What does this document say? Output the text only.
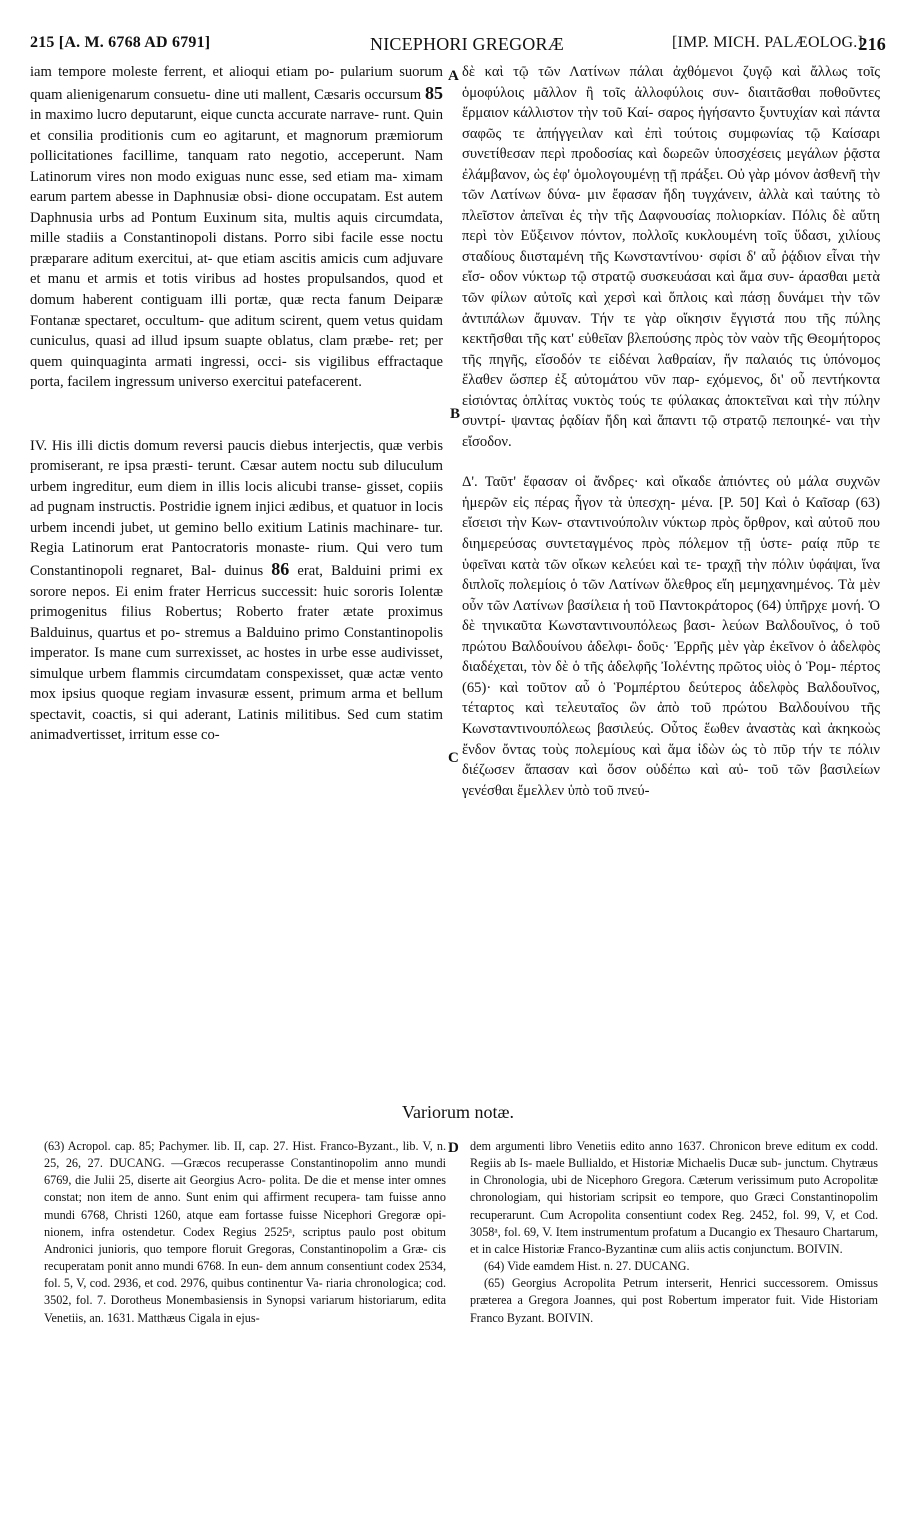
215 [A. M. 6768 AD 6791]	NICEPHORI GREGORÆ	[IMP. MICH. PALÆOLOG.]
216

iam tempore moleste ferrent, et alioqui etiam po- pularium suorum quam alienigenarum consuetu- dine uti mallent, Cæsaris occursum 85 in maximo lucro deputarunt, eique cuncta accurate narrave- runt. Quin et consilia proditionis cum eo agitarunt, et magnorum præmiorum pollicitationes facillime, tanquam rato negotio, acceperunt. Nam Latinorum vires non modo exiguas nunc esse, sed etiam ma- ximam earum partem abesse in Daphnusiæ obsi- dione occupatam. Est autem Daphnusia urbs ad Pontum Euxinum sita, multis aquis circumdata, mille stadiis a Constantinopoli distans. Porro sibi facile esse noctu præparare aditum exercitui, at- que etiam ascitis amicis cum adjuvare et manu et armis et totis viribus ad hostes propulsandos, quod et domum haberent contiguam illi portæ, quæ recta fanum Deiparæ Fontanæ spectaret, occultum- que aditum scirent, quem vetus quidam cuniculus, quasi ad illud ipsum suapte oblatus, clam præbe- ret; per quem quinquaginta armati ingressi, occi- sis vigilibus effractaque porta, facilem ingressum universo exercitui patefacerent.

IV. His illi dictis domum reversi paucis diebus interjectis, quæ verbis promiserant, re ipsa præsti- terunt. Cæsar autem noctu sub diluculum urbem ingreditur, eum diem in illis locis alicubi transe- gisset, copiis ad pugnam instructis. Postridie ignem injici ædibus, et quatuor in locis urbem incendi jubet, ut gemino bello exitium Latinis machinare- tur. Regia Latinorum erat Pantocratoris monaste- rium. Qui vero tum Constantinopoli regnaret, Bal- duinus 86 erat, Balduini primi ex sorore nepos. Ei enim frater Herricus successit: huic sororis Iolentæ primogenitus filius Robertus; Roberto frater ætate proximus Balduinus, quartus et po- stremus a Balduino primo Constantinopolis imperator. Is mane cum surrexisset, ac hostes in urbe esse audivisset, simulque urbem flammis circumdatam conspexisset, quæ actæ vento mox ipsius quoque regiam invasuræ essent, primum arma et bellum spectavit, coactis, si qui aderant, Latinis militibus. Sed cum statim animadvertisset, irritum esse co-

A
B
C
D

δὲ καὶ τῷ τῶν Λατίνων πάλαι ἀχθόμενοι ζυγῷ καὶ ἄλλως τοῖς ὁμοφύλοις μᾶλλον ἢ τοῖς ἀλλοφύλοις συν- διαιτᾶσθαι ποθοῦντες ἕρμαιον κάλλιστον τὴν τοῦ Καί- σαρος ἡγήσαντο ξυντυχίαν καὶ πάντα σαφῶς τε ἀπήγγειλαν καὶ ἐπὶ τούτοις συμφωνίας τῷ Καίσαρι συνετίθεσαν περὶ προδοσίας καὶ δωρεῶν ὑποσχέσεις μεγάλων ῥᾷστα ἐλάμβανον, ὡς ἐφ' ὁμολογουμένῃ τῇ πράξει. Οὐ γὰρ μόνον ἀσθενῆ τὴν τῶν Λατίνων δύνα- μιν ἔφασαν ἤδη τυγχάνειν, ἀλλὰ καὶ ταύτης τὸ πλεῖστον ἀπεῖναι ἐς τὴν τῆς Δαφνουσίας πολιορκίαν. Πόλις δὲ αὕτη περὶ τὸν Εὔξεινον πόντον, πολλοῖς κυκλουμένη τοῖς ὕδασι, χιλίους σταδίους διισταμένη τῆς Κωνσταντίνου· σφίσι δ' αὖ ῥᾴδιον εἶναι τὴν εἴσ- οδον νύκτωρ τῷ στρατῷ συσκευάσαι καὶ ἅμα συν- άρασθαι μετὰ τῶν φίλων αὐτοῖς καὶ χερσὶ καὶ ὅπλοις καὶ πάσῃ δυνάμει τὴν τῶν ἀντιπάλων ἄμυναν. Τήν τε γὰρ οἴκησιν ἔγγιστά που τῆς πύλης κεκτῆσθαι τῆς κατ' εὐθεῖαν βλεπούσης πρὸς τὸν ναὸν τῆς Θεομήτορος τῆς πηγῆς, εἴσοδόν τε εἰδέναι λαθραίαν, ἥν παλαιός τις ὑπόνομος ἔλαθεν ὥσπερ ἐξ αὐτομάτου νῦν παρ- εχόμενος, δι' οὗ πεντήκοντα εἰσιόντας ὁπλίτας νυκτὸς τούς τε φύλακας ἀποκτεῖναι καὶ τὴν πύλην συντρί- ψαντας ῥᾳδίαν ἤδη καὶ ἅπαντι τῷ στρατῷ πεποιηκέ- ναι τὴν εἴσοδον.

Δ'. Ταῦτ' ἔφασαν οἱ ἄνδρες· καὶ οἴκαδε ἀπιόντες οὐ μάλα συχνῶν ἡμερῶν εἰς πέρας ἦγον τὰ ὑπεσχη- μένα. [P. 50] Καὶ ὁ Καῖσαρ (63) εἴσεισι τὴν Κων- σταντινούπολιν νύκτωρ πρὸς ὄρθρον, καὶ αὐτοῦ που διημερεύσας συντεταγμένος πρὸς πόλεμον τῇ ὑστε- ραίᾳ πῦρ τε ὑφεῖναι κατὰ τῶν οἴκων κελεύει καὶ τε- τραχῇ τὴν πόλιν ὑφάψαι, ἵνα διπλοῖς πολεμίοις ὁ τῶν Λατίνων ὄλεθρος εἴη μεμηχανημένος. Τὰ μὲν οὖν τῶν Λατίνων βασίλεια ἡ τοῦ Παντοκράτορος (64) ὑπῆρχε μονή. Ὁ δὲ τηνικαῦτα Κωνσταντινουπόλεως βασι- λεύων Βαλδουῖνος, ὁ τοῦ πρώτου Βαλδουίνου ἀδελφι- δοῦς· Ἐρρῆς μὲν γὰρ ἐκεῖνον ὁ ἀδελφὸς διαδέχεται, τὸν δὲ ὁ τῆς ἀδελφῆς Ἰολέντης πρῶτος υἱὸς ὁ Ῥομ- πέρτος (65)· καὶ τοῦτον αὖ ὁ Ῥομπέρτου δεύτερος ἀδελφὸς Βαλδουῖνος, τέταρτος καὶ τελευταῖος ὢν ἀπὸ τοῦ πρώτου Βαλδουίνου τῆς Κωνσταντινουπόλεως βασιλεύς. Οὗτος ἕωθεν ἀναστὰς καὶ ἀκηκοὼς ἔνδον ὄντας τοὺς πολεμίους καὶ ἅμα ἰδὼν ὡς τὸ πῦρ τήν τε πόλιν διέζωσεν ἅπασαν καὶ ὅσον οὐδέπω καὶ αὐ- τοῦ τῶν βασιλείων γενέσθαι ἔμελλεν ὑπὸ τοῦ πνεύ-

Variorum notæ.

(63) Acropol. cap. 85; Pachymer. lib. II, cap. 27. Hist. Franco-Byzant., lib. V, n. 25, 26, 27. DUCANG. —Græcos recuperasse Constantinopolim anno mundi 6769, die Julii 25, diserte ait Georgius Acro- polita. De die et mense inter omnes constat; non item de anno. Sunt enim qui affirment recupera- tam fuisse anno mundi 6768, Christi 1260, atque eam fortasse fuisse Nicephori Gregoræ opi- nionem, infra ostendetur. Codex Regius 2525ᵃ, scriptus paulo post obitum Andronici junioris, quo tempore floruit Gregoras, Constantinopolim a Græ- cis recuperatam ponit anno mundi 6768. In eun- dem annum consentiunt codex 2534, fol. 5, V, cod. 2936, et cod. 2976, quibus continentur Va- riaria chronologica; cod. 3502, fol. 7. Dorotheus Monembasiensis in Synopsi variarum historiarum, edita Venetiis, an. 1631. Matthæus Cigala in ejus-

dem argumenti libro Venetiis edito anno 1637. Chronicon breve editum ex codd. Regiis ab Is- maele Bullialdo, et Historiæ Michaelis Ducæ sub- junctum. Chytræus in Chronologia, ubi de Nicephoro Gregora. Cæterum verissimum puto Acropolitæ chronologiam, qui historiam scripsit eo tempore, quo Græci Constantinopolim recuperarunt. Cum Acropolita consentiunt codex Reg. 2452, fol. 99, V, et Cod. 3058ᵃ, fol. 69, V. Item instrumentum profatum a Ducangio ex Thesauro Chartarum, et in calce Historiæ Franco-Byzantinæ cum aliis actis conjunctum. BOIVIN.

(64) Vide eamdem Hist. n. 27. DUCANG.

(65) Georgius Acropolita Petrum interserit, Henrici successorem. Omissus præterea a Gregora Joannes, qui post Robertum imperator fuit. Vide Historiam Franco Byzant. BOIVIN.
